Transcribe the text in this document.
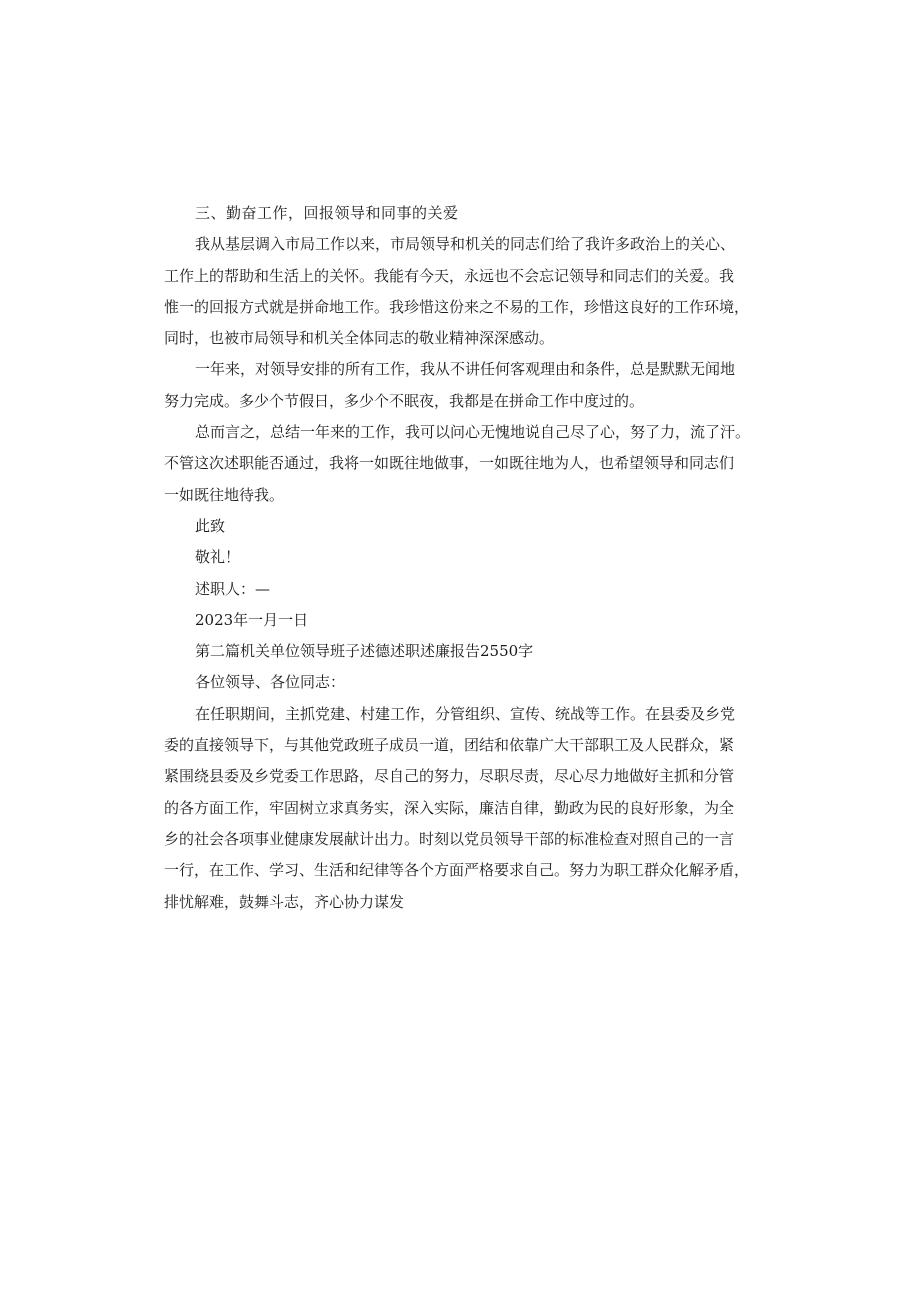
三、勤奋工作，回报领导和同事的关爱
我从基层调入市局工作以来，市局领导和机关的同志们给了我许多政治上的关心、
工作上的帮助和生活上的关怀。我能有今天，永远也不会忘记领导和同志们的关爱。我
惟一的回报方式就是拼命地工作。我珍惜这份来之不易的工作，珍惜这良好的工作环境，
同时，也被市局领导和机关全体同志的敬业精神深深感动。
一年来，对领导安排的所有工作，我从不讲任何客观理由和条件，总是默默无闻地
努力完成。多少个节假日，多少个不眠夜，我都是在拼命工作中度过的。
总而言之，总结一年来的工作，我可以问心无愧地说自己尽了心，努了力，流了汗。
不管这次述职能否通过，我将一如既往地做事，一如既往地为人，也希望领导和同志们
一如既往地待我。
此致
敬礼！
述职人：—
2023年一月一日
第二篇机关单位领导班子述德述职述廉报告2550字
各位领导、各位同志：
在任职期间，主抓党建、村建工作，分管组织、宣传、统战等工作。在县委及乡党
委的直接领导下，与其他党政班子成员一道，团结和依靠广大干部职工及人民群众，紧
紧围绕县委及乡党委工作思路，尽自己的努力，尽职尽责，尽心尽力地做好主抓和分管
的各方面工作，牢固树立求真务实，深入实际，廉洁自律，勤政为民的良好形象，为全
乡的社会各项事业健康发展献计出力。时刻以党员领导干部的标准检查对照自己的一言
一行，在工作、学习、生活和纪律等各个方面严格要求自己。努力为职工群众化解矛盾，
排忧解难，鼓舞斗志，齐心协力谋发
